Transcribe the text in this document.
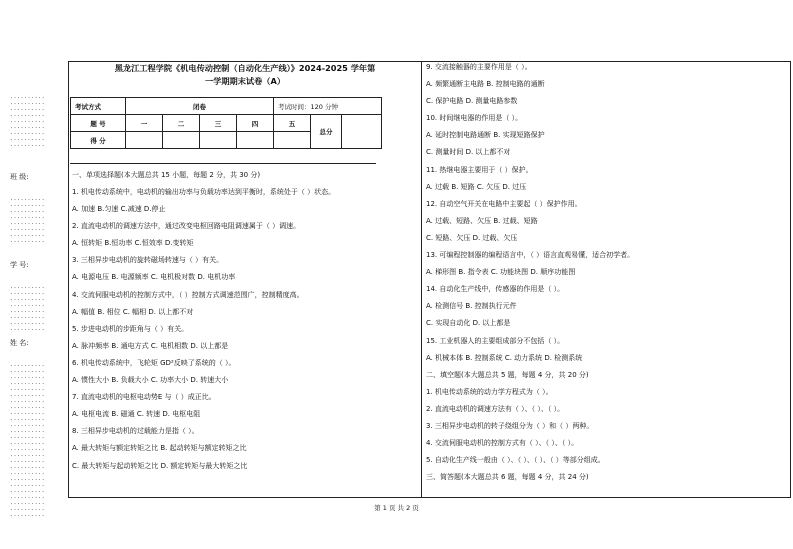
..........
..........
..........
..........
..........
..........
..........
..........
..........
班 级:
..........
..........
..........
..........
..........
..........
..........
..........
学 号:
..........
..........
..........
..........
..........
..........
..........
..........
姓 名:
..........
..........
..........
..........
..........
..........
..........
..........
..........
..........
..........
..........
..........
..........
..........
..........
..........
..........
..........
..........
..........
..........
..........
..........
..........
..........
黑龙江工程学院《机电传动控制（自动化生产线）》2024-2025 学年第
一学期期末试卷（A）
考试方式	闭卷				考试时间：120 分钟		
题 号	一	二	三	四	五	总分	
得 分							
一、单项选择题(本大题总共 15 小题，每题 2 分，共 30 分)
1. 机电传动系统中，电动机的输出功率与负载功率达到平衡时，系统处于（ ）状态。
A. 加速 B.匀速 C.减速 D.停止
2. 直流电动机的调速方法中，通过改变电枢回路电阻调速属于（ ）调速。
A. 恒转矩 B.恒功率 C.恒效率 D.变转矩
3. 三相异步电动机的旋转磁场转速与（ ）有关。
A. 电源电压 B. 电源频率 C. 电机极对数 D. 电机功率
4. 交流伺服电动机的控制方式中，（ ）控制方式调速范围广，控制精度高。
A. 幅值 B. 相位 C. 幅相 D. 以上都不对
5. 步进电动机的步距角与（ ）有关。
A. 脉冲频率 B. 通电方式 C. 电机相数 D. 以上都是
6. 机电传动系统中，飞轮矩 GD²反映了系统的（ ）。
A. 惯性大小 B. 负载大小 C. 功率大小 D. 转速大小
7. 直流电动机的电枢电动势E 与（ ）成正比。
A. 电枢电流 B. 磁通 C. 转速 D. 电枢电阻
8. 三相异步电动机的过载能力是指（ ）。
A. 最大转矩与额定转矩之比 B. 起动转矩与额定转矩之比
C. 最大转矩与起动转矩之比 D. 额定转矩与最大转矩之比
9. 交流接触器的主要作用是（ ）。
A. 频繁通断主电路 B. 控制电路的通断
C. 保护电路 D. 测量电路参数
10. 时间继电器的作用是（ ）。
A. 延时控制电路通断 B. 实现短路保护
C. 测量时间 D. 以上都不对
11. 热继电器主要用于（ ）保护。
A. 过载 B. 短路 C. 欠压 D. 过压
12. 自动空气开关在电路中主要起（ ）保护作用。
A. 过载、短路、欠压 B. 过载、短路
C. 短路、欠压 D. 过载、欠压
13. 可编程控制器的编程语言中，（ ）语言直观易懂，适合初学者。
A. 梯形图 B. 指令表 C. 功能块图 D. 顺序功能图
14. 自动化生产线中，传感器的作用是（ ）。
A. 检测信号 B. 控制执行元件
C. 实现自动化 D. 以上都是
15. 工业机器人的主要组成部分不包括（ ）。
A. 机械本体 B. 控制系统 C. 动力系统 D. 检测系统
二、填空题(本大题总共 5 题，每题 4 分，共 20 分)
1. 机电传动系统的动力学方程式为（ ）。
2. 直流电动机的调速方法有（ ）、（ ）、（ ）。
3. 三相异步电动机的转子绕组分为（ ）和（ ）两种。
4. 交流伺服电动机的控制方式有（ ）、（ ）、（ ）。
5. 自动化生产线一般由（ ）、（ ）、（ ）、（ ）等部分组成。
三、简答题(本大题总共 6 题，每题 4 分，共 24 分)
第 1 页 共 2 页
